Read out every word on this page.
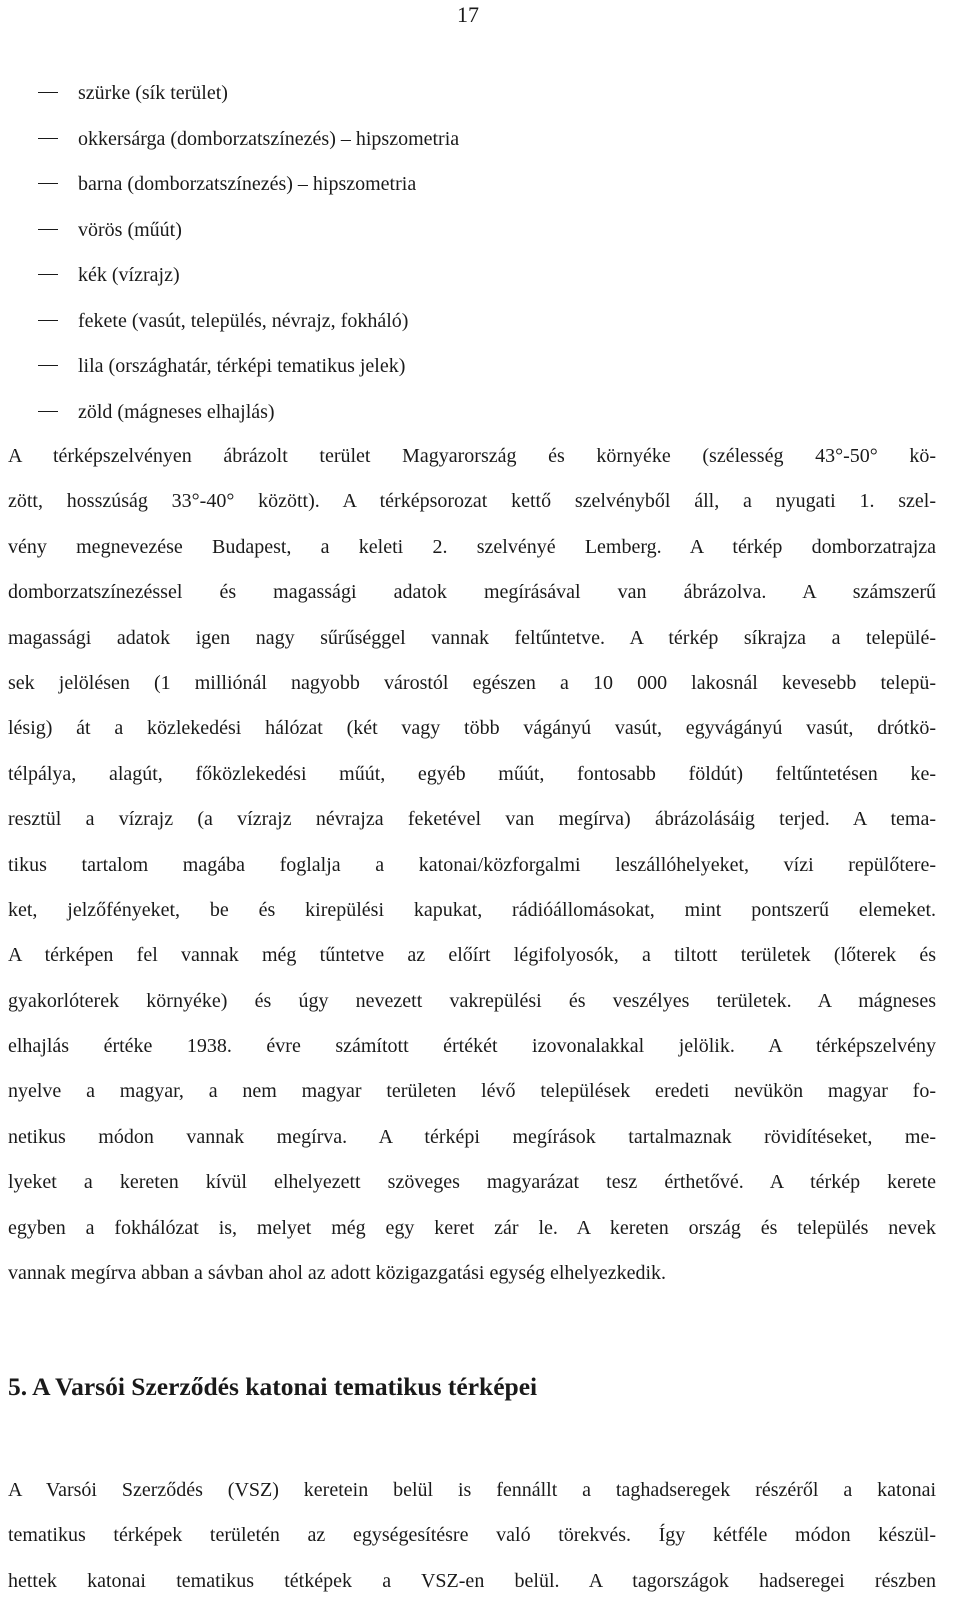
17
szürke (sík terület)
okkersárga (domborzatszínezés) – hipszometria
barna (domborzatszínezés) – hipszometria
vörös (műút)
kék (vízrajz)
fekete (vasút, település, névrajz, fokháló)
lila (országhatár, térképi tematikus jelek)
zöld (mágneses elhajlás)
A térképszelvényen ábrázolt terület Magyarország és környéke (szélesség 43°-50° kö-
zött, hosszúság 33°-40° között). A térképsorozat kettő szelvényből áll, a nyugati 1. szel-
vény megnevezése Budapest, a keleti 2. szelvényé Lemberg. A térkép domborzatrajza
domborzatszínezéssel és magassági adatok megírásával van ábrázolva. A számszerű
magassági adatok igen nagy sűrűséggel vannak feltűntetve. A térkép síkrajza a települé-
sek jelölésen (1 milliónál nagyobb várostól egészen a 10 000 lakosnál kevesebb telepü-
lésig) át a közlekedési hálózat (két vagy több vágányú vasút, egyvágányú vasút, drótkö-
télpálya, alagút, főközlekedési műút, egyéb műút, fontosabb földút) feltűntetésen ke-
resztül a vízrajz (a vízrajz névrajza feketével van megírva) ábrázolásáig terjed. A tema-
tikus tartalom magába foglalja a katonai/közforgalmi leszállóhelyeket, vízi repülőtere-
ket, jelzőfényeket, be és kirepülési kapukat, rádióállomásokat, mint pontszerű elemeket.
A térképen fel vannak még tűntetve az előírt légifolyosók, a tiltott területek (lőterek és
gyakorlóterek környéke) és úgy nevezett vakrepülési és veszélyes területek. A mágneses
elhajlás értéke 1938. évre számított értékét izovonalakkal jelölik. A térképszelvény
nyelve a magyar, a nem magyar területen lévő települések eredeti nevükön magyar fo-
netikus módon vannak megírva. A térképi megírások tartalmaznak rövidítéseket, me-
lyeket a kereten kívül elhelyezett szöveges magyarázat tesz érthetővé. A térkép kerete
egyben a fokhálózat is, melyet még egy keret zár le. A kereten ország és település nevek
vannak megírva abban a sávban ahol az adott közigazgatási egység elhelyezkedik.
5. A Varsói Szerződés katonai tematikus térképei
A Varsói Szerződés (VSZ) keretein belül is fennállt a taghadseregek részéről a katonai
tematikus térképek területén az egységesítésre való törekvés. Így kétféle módon készül-
hettek katonai tematikus tétképek a VSZ-en belül. A tagországok hadseregei részben
